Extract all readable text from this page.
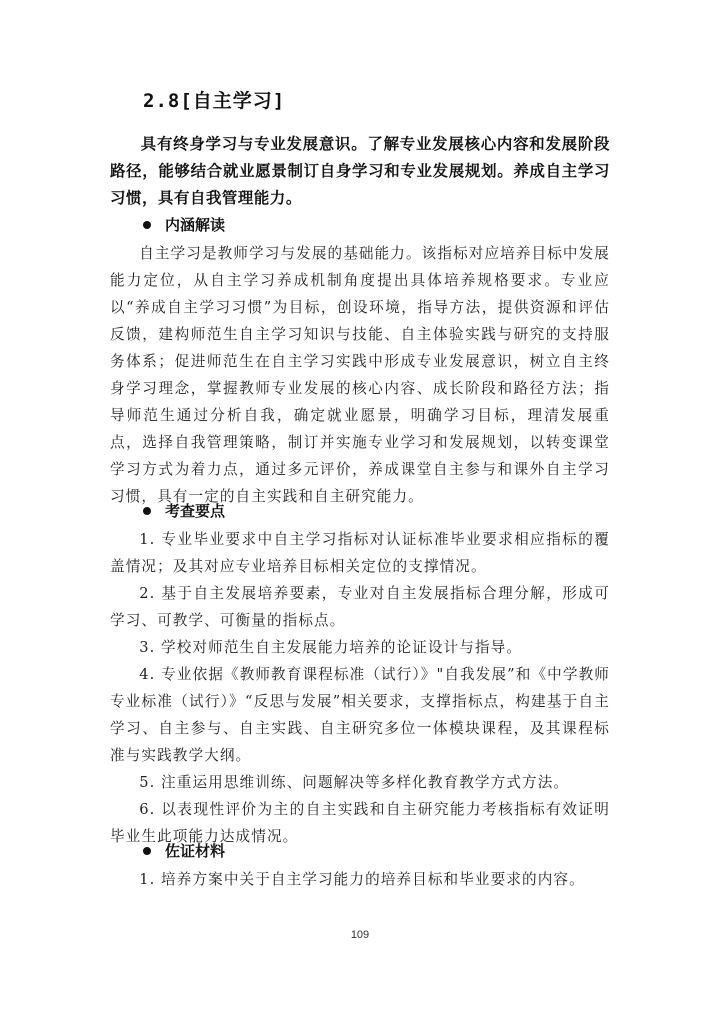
2.8[自主学习]

具有终身学习与专业发展意识。了解专业发展核心内容和发展阶段路径，能够结合就业愿景制订自身学习和专业发展规划。养成自主学习习惯，具有自我管理能力。

内涵解读

自主学习是教师学习与发展的基础能力。该指标对应培养目标中发展能力定位，从自主学习养成机制角度提出具体培养规格要求。专业应以“养成自主学习习惯”为目标，创设环境，指导方法，提供资源和评估反馈，建构师范生自主学习知识与技能、自主体验实践与研究的支持服务体系；促进师范生在自主学习实践中形成专业发展意识，树立自主终身学习理念，掌握教师专业发展的核心内容、成长阶段和路径方法；指导师范生通过分析自我，确定就业愿景，明确学习目标，理清发展重点，选择自我管理策略，制订并实施专业学习和发展规划，以转变课堂学习方式为着力点，通过多元评价，养成课堂自主参与和课外自主学习习惯，具有一定的自主实践和自主研究能力。

考查要点

1. 专业毕业要求中自主学习指标对认证标准毕业要求相应指标的覆盖情况；及其对应专业培养目标相关定位的支撑情况。

2. 基于自主发展培养要素，专业对自主发展指标合理分解，形成可学习、可教学、可衡量的指标点。

3. 学校对师范生自主发展能力培养的论证设计与指导。

4. 专业依据《教师教育课程标准（试行）》"自我发展”和《中学教师专业标准（试行）》“反思与发展”相关要求，支撑指标点，构建基于自主学习、自主参与、自主实践、自主研究多位一体模块课程，及其课程标准与实践教学大纲。

5. 注重运用思维训练、问题解决等多样化教育教学方式方法。

6. 以表现性评价为主的自主实践和自主研究能力考核指标有效证明毕业生此项能力达成情况。

佐证材料

1. 培养方案中关于自主学习能力的培养目标和毕业要求的内容。

109
